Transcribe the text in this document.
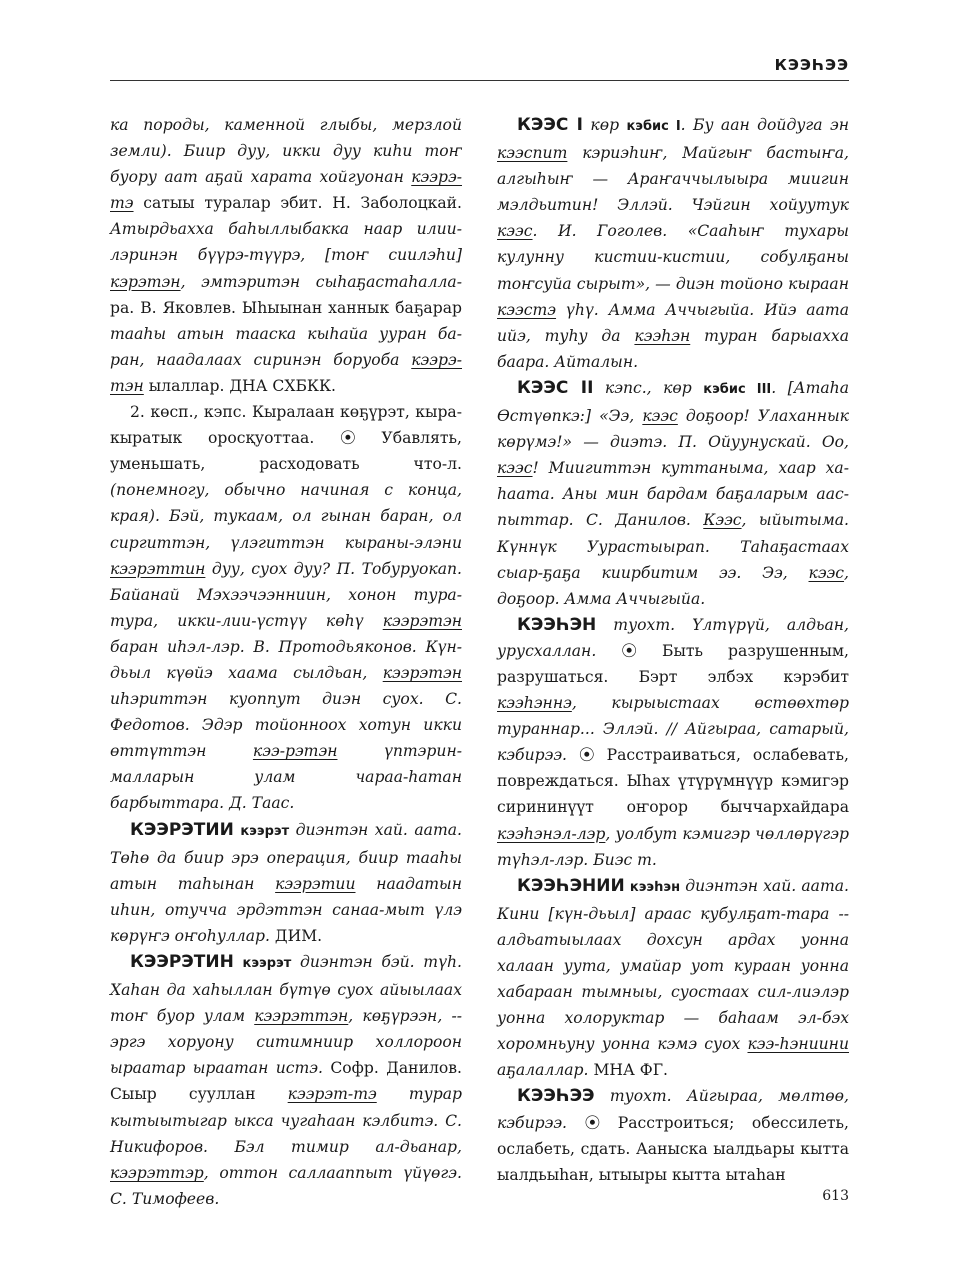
КЭЭҺЭЭ

ка породы, каменной глыбы, мерзлой земли). Биир дуу, икки дуу киһи тоҥ буору аат аҕай харата хойгуонан кээрэ-тэ сатыы туралар эбит. Н. Заболоцкай. Атырдьахха баһыллыбакка наар илии- лэринэн бүүрэ-түүрэ, [тоҥ сиилэһи] кэрэтэн, эмтэритэн сыһаҕастаһалла- ра. В. Яковлев. Ыһыынан ханнык баҕарар тааһы атын тааска кыһайа ууран ба- ран, наадалаах сиринэн боруоба кээрэ-тэн ылаллар. ДНА СХБКК.

2. көсп., кэпс. Кыралаан көҕүрэт, кыра-кыратык оросқуоттаа. ⦿ Убавлять, уменьшать, расходовать что-л. (понемногу, обычно начиная с конца, края). Бэй, тукаам, ол гынан баран, ол сиргиттэн, үлэгиттэн кыраны-элэни кээрэттин дуу, суох дуу? П. Тобуруокап. Байанай Мэхээчээнниин, хонон тура-тура, икки-лии-үстүү көһү кээрэтэн баран иһэл-лэр. В. Протодьяконов. Күн-дьыл күөйэ хаама сылдьан, кээрэтэн иһэриттэн куоппут диэн суох. С. Федотов. Эдэр тойонноох хотун икки өттүттэн кээ-рэтэн үптэрин-малларын улам чараа-һатан барбыттара. Д. Таас.

КЭЭРЭТИИ кээрэт диэнтэн хай. аата. Төһө да биир эрэ операция, биир тааһы атын таһынан кээрэтии наадатын иһин, отучча эрдэттэн санаа-мыт үлэ көрүҥэ оҥоһуллар. ДИМ.

КЭЭРЭТИН кээрэт диэнтэн бэй. түһ. Хаһан да хаһыллан бүтүө суох айыылаах тоҥ буор улам кээрэттэн, көҕүрээн, -- эргэ хоруону ситимниир холлороон ыраатар ыраатан истэ. Софр. Данилов. Сыыр сууллан кээрэт-тэ турар кытыытыгар ыкса чугаһаан кэлбитэ. С. Никифоров. Бэл тимир ал-дьанар, кээрэттэр, оттон саллааппыт үйүөгэ. С. Тимофеев.

КЭЭС I көр кэбис I. Бу аан дойдуга эн кээспит кэриэһиҥ, Майгыҥ бастыҥа, алгыһыҥ — Араҥаччылыыра миигин мэлдьитин! Эллэй. Чэйгин хойуутук кээс. И. Гоголев. «Сааһыҥ тухары кулунну кистии-кистии, собулҕаны тоҥсуйа сырыт», — диэн тойоно кыраан кээстэ үһү. Амма Аччыгыйа. Ийэ аата ийэ, туһу да кээһэн туран барыахха баара. Айталын.

КЭЭС II кэпс., көр кэбис III. [Атаһа Өстүөпкэ:] «Ээ, кээс доҕоор! Улаханнык көрүмэ!» — диэтэ. П. Ойуунускай. Оо, кээс! Миигиттэн куттаныма, хаар ха-һаата. Аны мин бардам баҕаларым аас-пыттар. С. Данилов. Кээс, ыйытыма. Күннүк Уурастыырап. Таһаҕастаах сыар-ҕаҕа киирбитим ээ. Ээ, кээс, доҕоор. Амма Аччыгыйа.

КЭЭҺЭН туохт. Үлтүрүй, алдьан, урусхаллан. ⦿ Быть разрушенным, разрушаться. Бэрт элбэх кэрэбит кээһэннэ, кырыыстаах өстөөхтөр тураннар... Эллэй. // Айгыраа, сатарый, кэбирээ. ⦿ Расстраиваться, ослабевать, повреждаться. Ыһах үтүрүмнүүр кэмигэр сирининүүт оҥорор быччархайдара кээһэнэл-лэр, уолбут кэмигэр чөллөрүгэр түһэл-лэр. Биэс т.

КЭЭҺЭНИИ кээһэн диэнтэн хай. аата. Кини [күн-дьыл] араас кубулҕат-тара -- алдьатыылаах дохсун ардах уонна халаан уута, умайар уот кураан уонна хабараан тымныы, суостаах сил-лиэлэр уонна холоруктар — баһаам эл-бэх хоромньуну уонна кэмэ суох кээ-һэниини аҕалаллар. МНА ФГ.

КЭЭҺЭЭ туохт. Айгыраа, мөлтөө, кэбирээ. ⦿ Расстроиться; обессилеть, ослабеть, сдать. Ааныска ыалдьары кытта ыалдьыһан, ытыыры кытта ытаһан

613
